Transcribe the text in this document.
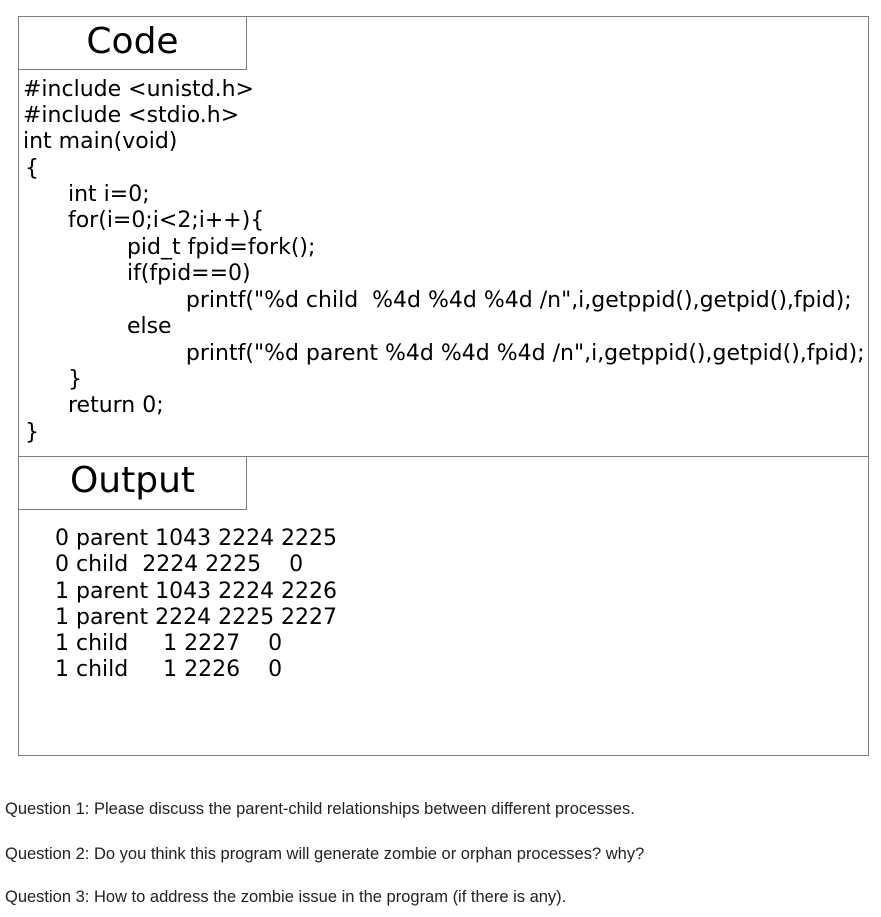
Code
#include <unistd.h>
#include <stdio.h>
int main(void)
{
int i=0;
for(i=0;i<2;i++){
pid_t fpid=fork();
if(fpid==0)
printf("%d child  %4d %4d %4d /n",i,getppid(),getpid(),fpid);
else
printf("%d parent %4d %4d %4d /n",i,getppid(),getpid(),fpid);
}
return 0;
}
Output
0 parent 1043 2224 2225
0 child  2224 2225    0
1 parent 1043 2224 2226
1 parent 2224 2225 2227
1 child     1 2227    0
1 child     1 2226    0
Question 1: Please discuss the parent-child relationships between different processes.
Question 2: Do you think this program will generate zombie or orphan processes? why?
Question 3: How to address the zombie issue in the program (if there is any).
